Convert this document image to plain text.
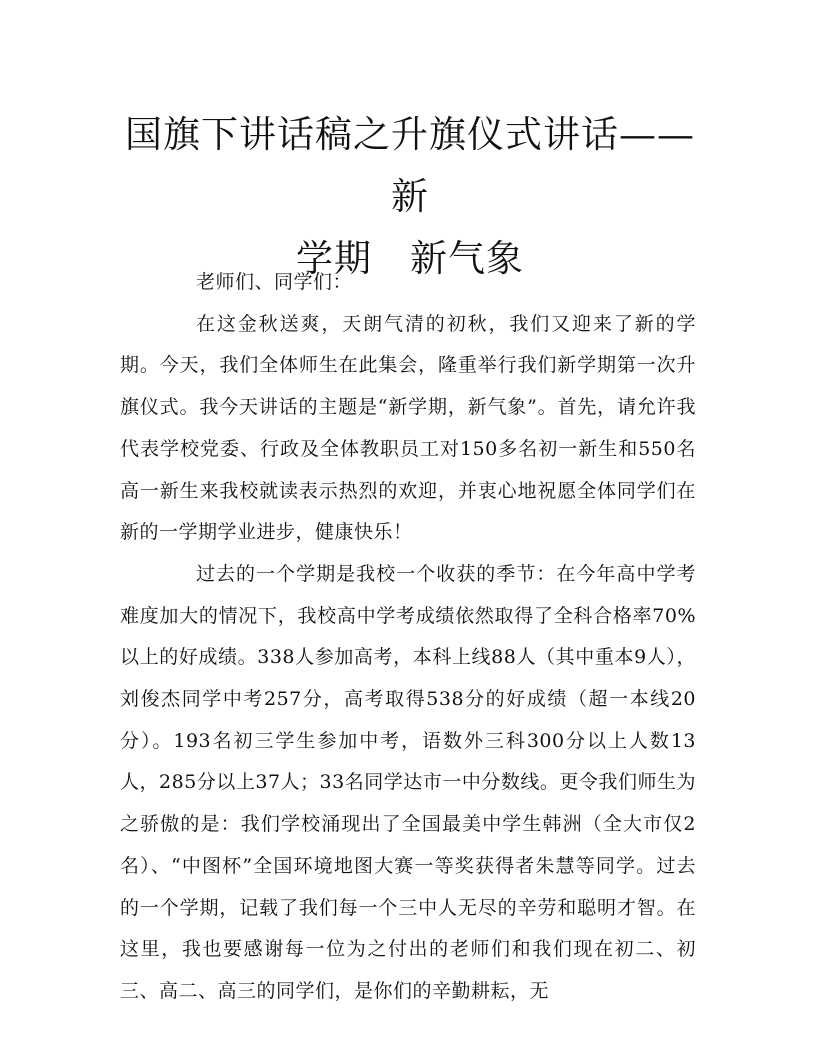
国旗下讲话稿之升旗仪式讲话——新
学期　新气象

老师们、同学们：

在这金秋送爽，天朗气清的初秋，我们又迎来了新的学期。今天，我们全体师生在此集会，隆重举行我们新学期第一次升旗仪式。我今天讲话的主题是“新学期，新气象”。首先，请允许我代表学校党委、行政及全体教职员工对150多名初一新生和550名高一新生来我校就读表示热烈的欢迎，并衷心地祝愿全体同学们在新的一学期学业进步，健康快乐！

过去的一个学期是我校一个收获的季节：在今年高中学考难度加大的情况下，我校高中学考成绩依然取得了全科合格率70%以上的好成绩。338人参加高考，本科上线88人（其中重本9人），刘俊杰同学中考257分，高考取得538分的好成绩（超一本线20分）。193名初三学生参加中考，语数外三科300分以上人数13人，285分以上37人；33名同学达市一中分数线。更令我们师生为之骄傲的是：我们学校涌现出了全国最美中学生韩洲（全大市仅2名）、“中图杯”全国环境地图大赛一等奖获得者朱慧等同学。过去的一个学期，记载了我们每一个三中人无尽的辛劳和聪明才智。在这里，我也要感谢每一位为之付出的老师们和我们现在初二、初三、高二、高三的同学们，是你们的辛勤耕耘，无
